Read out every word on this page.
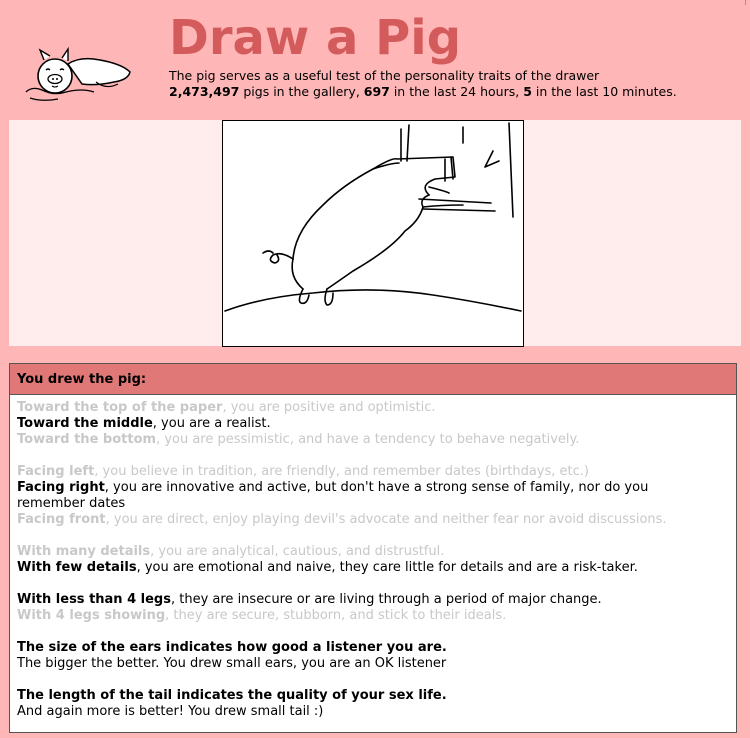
Draw a Pig
The pig serves as a useful test of the personality traits of the drawer
2,473,497 pigs in the gallery, 697 in the last 24 hours, 5 in the last 10 minutes.
You drew the pig:
Toward the top of the paper, you are positive and optimistic.
Toward the middle, you are a realist.
Toward the bottom, you are pessimistic, and have a tendency to behave negatively.
Facing left, you believe in tradition, are friendly, and remember dates (birthdays, etc.)
Facing right, you are innovative and active, but don't have a strong sense of family, nor do you
remember dates
Facing front, you are direct, enjoy playing devil's advocate and neither fear nor avoid discussions.
With many details, you are analytical, cautious, and distrustful.
With few details, you are emotional and naive, they care little for details and are a risk-taker.
With less than 4 legs, they are insecure or are living through a period of major change.
With 4 legs showing, they are secure, stubborn, and stick to their ideals.
The size of the ears indicates how good a listener you are.
The bigger the better. You drew small ears, you are an OK listener
The length of the tail indicates the quality of your sex life.
And again more is better! You drew small tail :)
